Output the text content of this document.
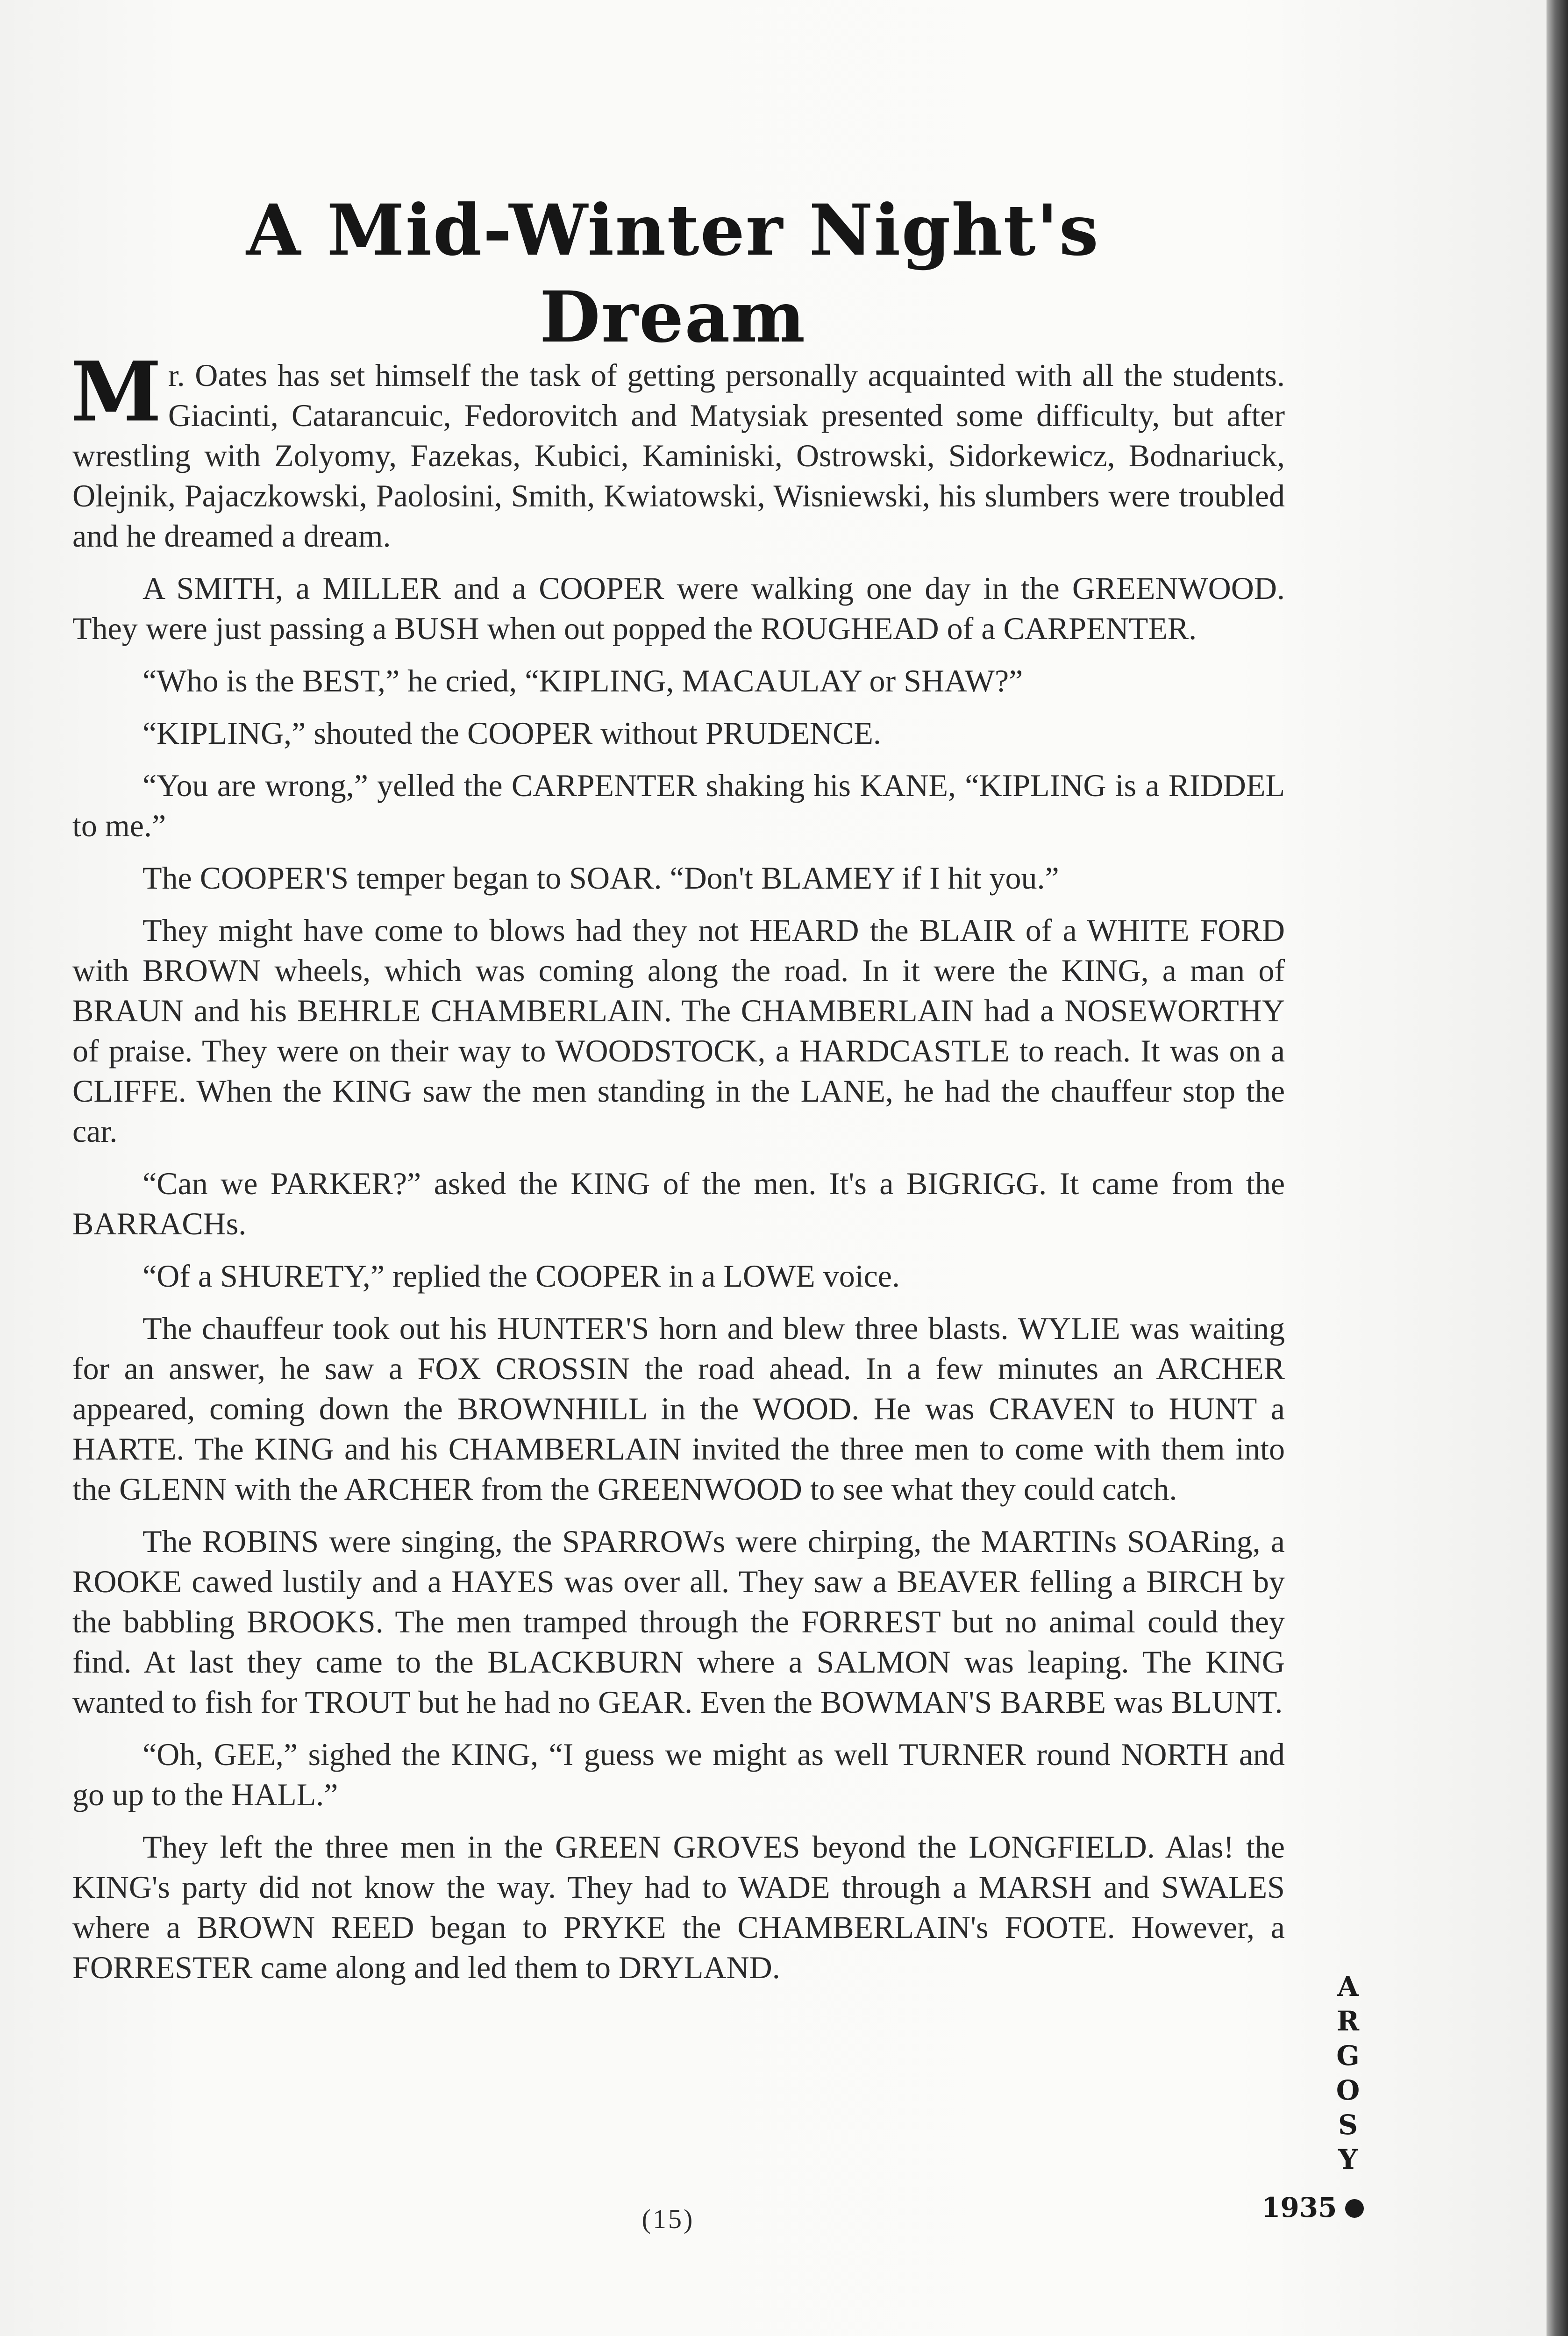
A Mid-Winter Night's Dream

Mr. Oates has set himself the task of getting personally acquainted with all the students. Giacinti, Catarancuic, Fedorovitch and Matysiak presented some difficulty, but after wrestling with Zolyomy, Fazekas, Kubici, Kaminiski, Ostrowski, Sidorkewicz, Bodnariuck, Olejnik, Pajaczkowski, Paolosini, Smith, Kwiatowski, Wisniewski, his slumbers were troubled and he dreamed a dream.

A SMITH, a MILLER and a COOPER were walking one day in the GREENWOOD. They were just passing a BUSH when out popped the ROUGHEAD of a CARPENTER.

“Who is the BEST,” he cried, “KIPLING, MACAULAY or SHAW?”

“KIPLING,” shouted the COOPER without PRUDENCE.

“You are wrong,” yelled the CARPENTER shaking his KANE, “KIPLING is a RIDDEL to me.”

The COOPER'S temper began to SOAR. “Don't BLAMEY if I hit you.”

They might have come to blows had they not HEARD the BLAIR of a WHITE FORD with BROWN wheels, which was coming along the road. In it were the KING, a man of BRAUN and his BEHRLE CHAMBERLAIN. The CHAMBERLAIN had a NOSEWORTHY of praise. They were on their way to WOODSTOCK, a HARDCASTLE to reach. It was on a CLIFFE. When the KING saw the men standing in the LANE, he had the chauffeur stop the car.

“Can we PARKER?” asked the KING of the men. It's a BIGRIGG. It came from the BARRACHs.

“Of a SHURETY,” replied the COOPER in a LOWE voice.

The chauffeur took out his HUNTER'S horn and blew three blasts. WYLIE was waiting for an answer, he saw a FOX CROSSIN the road ahead. In a few minutes an ARCHER appeared, coming down the BROWNHILL in the WOOD. He was CRAVEN to HUNT a HARTE. The KING and his CHAMBERLAIN invited the three men to come with them into the GLENN with the ARCHER from the GREENWOOD to see what they could catch.

The ROBINS were singing, the SPARROWs were chirping, the MARTINs SOARing, a ROOKE cawed lustily and a HAYES was over all. They saw a BEAVER felling a BIRCH by the babbling BROOKS. The men tramped through the FORREST but no animal could they find. At last they came to the BLACKBURN where a SALMON was leaping. The KING wanted to fish for TROUT but he had no GEAR. Even the BOWMAN'S BARBE was BLUNT.

“Oh, GEE,” sighed the KING, “I guess we might as well TURNER round NORTH and go up to the HALL.”

They left the three men in the GREEN GROVES beyond the LONGFIELD. Alas! the KING's party did not know the way. They had to WADE through a MARSH and SWALES where a BROWN REED began to PRYKE the CHAMBERLAIN's FOOTE. However, a FORRESTER came along and led them to DRYLAND.

A
R
G
O
S
Y
1935
(15)
